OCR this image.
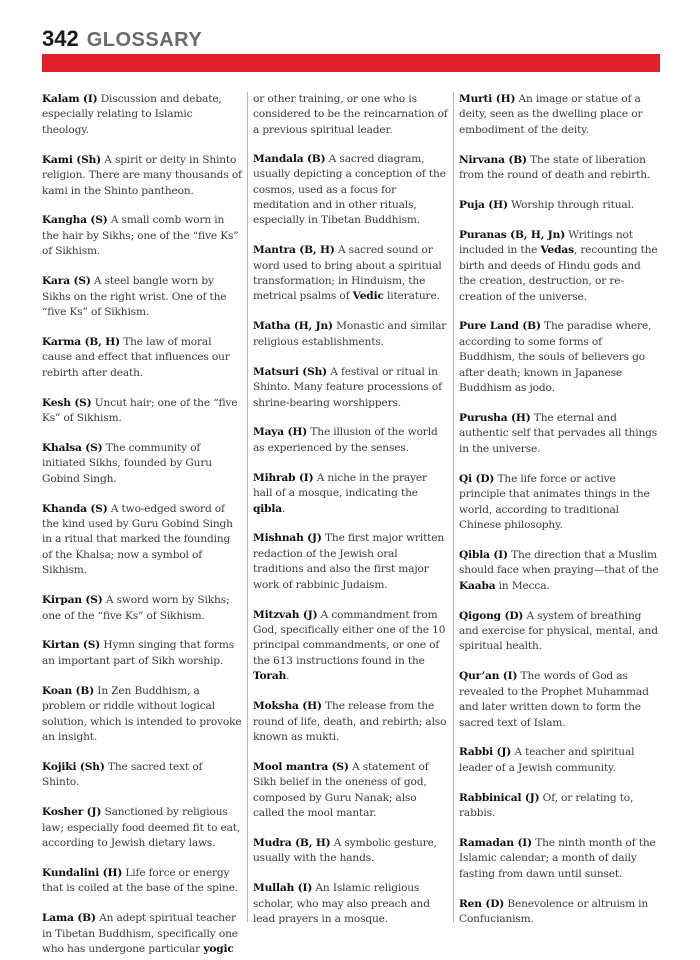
342 GLOSSARY

Kalam (I) Discussion and debate, especially relating to Islamic theology.

Kami (Sh) A spirit or deity in Shinto religion. There are many thousands of kami in the Shinto pantheon.

Kangha (S) A small comb worn in the hair by Sikhs; one of the “five Ks” of Sikhism.

Kara (S) A steel bangle worn by Sikhs on the right wrist. One of the “five Ks” of Sikhism.

Karma (B, H) The law of moral cause and effect that influences our rebirth after death.

Kesh (S) Uncut hair; one of the “five Ks” of Sikhism.

Khalsa (S) The community of initiated Sikhs, founded by Guru Gobind Singh.

Khanda (S) A two-edged sword of the kind used by Guru Gobind Singh in a ritual that marked the founding of the Khalsa; now a symbol of Sikhism.

Kirpan (S) A sword worn by Sikhs; one of the “five Ks” of Sikhism.

Kirtan (S) Hymn singing that forms an important part of Sikh worship.

Koan (B) In Zen Buddhism, a problem or riddle without logical solution, which is intended to provoke an insight.

Kojiki (Sh) The sacred text of Shinto.

Kosher (J) Sanctioned by religious law; especially food deemed fit to eat, according to Jewish dietary laws.

Kundalini (H) Life force or energy that is coiled at the base of the spine.

Lama (B) An adept spiritual teacher in Tibetan Buddhism, specifically one who has undergone particular yogic

or other training, or one who is considered to be the reincarnation of a previous spiritual leader.

Mandala (B) A sacred diagram, usually depicting a conception of the cosmos, used as a focus for meditation and in other rituals, especially in Tibetan Buddhism.

Mantra (B, H) A sacred sound or word used to bring about a spiritual transformation; in Hinduism, the metrical psalms of Vedic literature.

Matha (H, Jn) Monastic and similar religious establishments.

Matsuri (Sh) A festival or ritual in Shinto. Many feature processions of shrine-bearing worshippers.

Maya (H) The illusion of the world as experienced by the senses.

Mihrab (I) A niche in the prayer hall of a mosque, indicating the qibla.

Mishnah (J) The first major written redaction of the Jewish oral traditions and also the first major work of rabbinic Judaism.

Mitzvah (J) A commandment from God, specifically either one of the 10 principal commandments, or one of the 613 instructions found in the Torah.

Moksha (H) The release from the round of life, death, and rebirth; also known as mukti.

Mool mantra (S) A statement of Sikh belief in the oneness of god, composed by Guru Nanak; also called the mool mantar.

Mudra (B, H) A symbolic gesture, usually with the hands.

Mullah (I) An Islamic religious scholar, who may also preach and lead prayers in a mosque.

Murti (H) An image or statue of a deity, seen as the dwelling place or embodiment of the deity.

Nirvana (B) The state of liberation from the round of death and rebirth.

Puja (H) Worship through ritual.

Puranas (B, H, Jn) Writings not included in the Vedas, recounting the birth and deeds of Hindu gods and the creation, destruction, or re-creation of the universe.

Pure Land (B) The paradise where, according to some forms of Buddhism, the souls of believers go after death; known in Japanese Buddhism as jodo.

Purusha (H) The eternal and authentic self that pervades all things in the universe.

Qi (D) The life force or active principle that animates things in the world, according to traditional Chinese philosophy.

Qibla (I) The direction that a Muslim should face when praying—that of the Kaaba in Mecca.

Qigong (D) A system of breathing and exercise for physical, mental, and spiritual health.

Qur’an (I) The words of God as revealed to the Prophet Muhammad and later written down to form the sacred text of Islam.

Rabbi (J) A teacher and spiritual leader of a Jewish community.

Rabbinical (J) Of, or relating to, rabbis.

Ramadan (I) The ninth month of the Islamic calendar; a month of daily fasting from dawn until sunset.

Ren (D) Benevolence or altruism in Confucianism.
